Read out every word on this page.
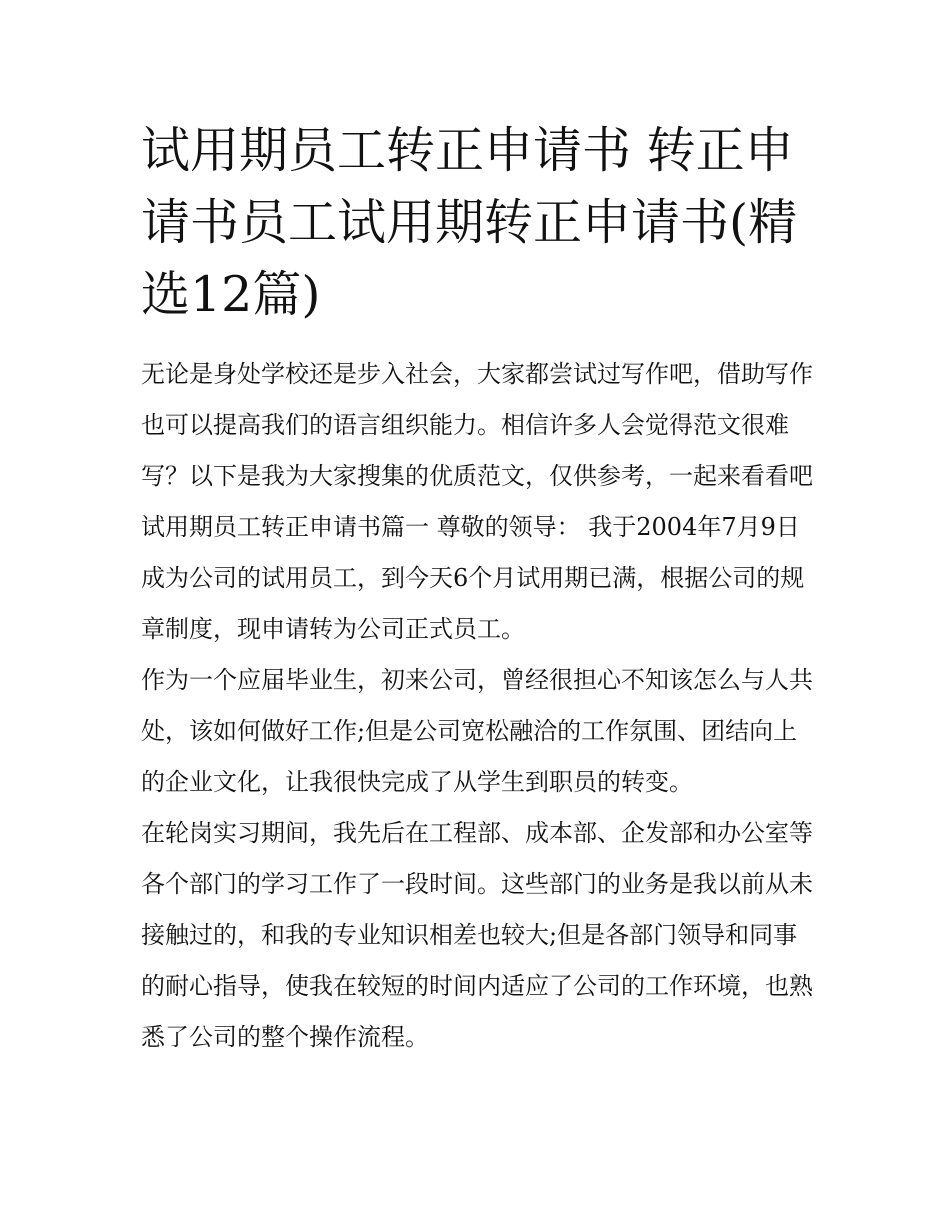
试用期员工转正申请书 转正申请书员工试用期转正申请书(精选12篇)

无论是身处学校还是步入社会，大家都尝试过写作吧，借助写作也可以提高我们的语言组织能力。相信许多人会觉得范文很难写？以下是我为大家搜集的优质范文，仅供参考，一起来看看吧

试用期员工转正申请书篇一 尊敬的领导： 我于2004年7月9日成为公司的试用员工，到今天6个月试用期已满，根据公司的规章制度，现申请转为公司正式员工。

作为一个应届毕业生，初来公司，曾经很担心不知该怎么与人共处，该如何做好工作;但是公司宽松融洽的工作氛围、团结向上的企业文化，让我很快完成了从学生到职员的转变。

在轮岗实习期间，我先后在工程部、成本部、企发部和办公室等各个部门的学习工作了一段时间。这些部门的业务是我以前从未接触过的，和我的专业知识相差也较大;但是各部门领导和同事的耐心指导，使我在较短的时间内适应了公司的工作环境，也熟悉了公司的整个操作流程。
